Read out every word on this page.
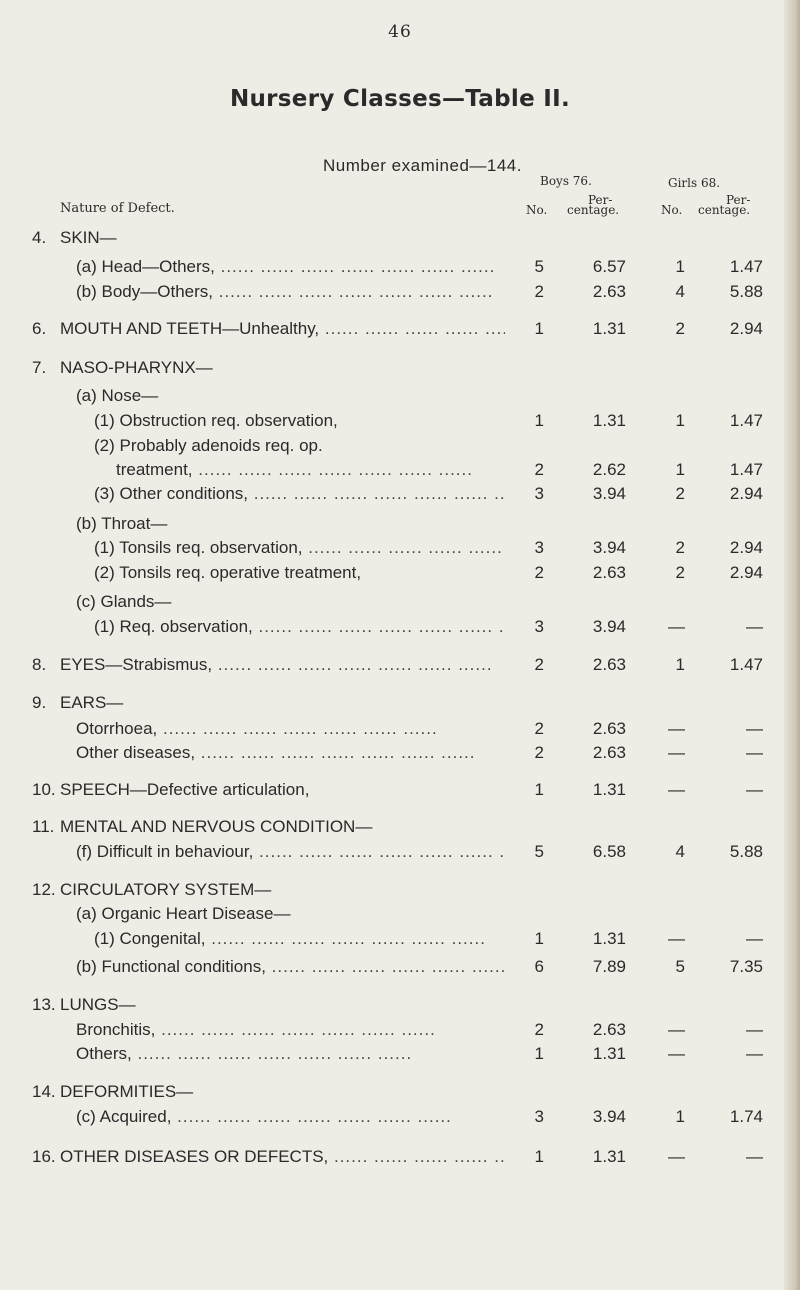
46
Nursery Classes—Table II.
Number examined—144.
Nature of Defect.
Boys 76.
Per-
No. centage.
Girls 68.
Per-
No. centage.
4. SKIN—
(a) Head—Others, .....	5	6.57	1	1.47
(b) Body—Others, .....	2	2.63	4	5.88
6. MOUTH AND TEETH—Unhealthy, .....	1	1.31	2	2.94
7. NASO-PHARYNX—
(a) Nose—
(1) Obstruction req. observation,	1	1.31	1	1.47
(2) Probably adenoids req. op.
treatment, .....	2	2.62	1	1.47
(3) Other conditions, .....	3	3.94	2	2.94
(b) Throat—
(1) Tonsils req. observation, .....	3	3.94	2	2.94
(2) Tonsils req. operative treatment,	2	2.63	2	2.94
(c) Glands—
(1) Req. observation, .....	3	3.94	—	—
8. EYES—Strabismus, .....	2	2.63	1	1.47
9. EARS—
Otorrhoea, .....	2	2.63	—	—
Other diseases, .....	2	2.63	—	—
10. SPEECH—Defective articulation,	1	1.31	—	—
11. MENTAL AND NERVOUS CONDITION—
(f) Difficult in behaviour, .....	5	6.58	4	5.88
12. CIRCULATORY SYSTEM—
(a) Organic Heart Disease—
(1) Congenital, .....	1	1.31	—	—
(b) Functional conditions, .....	6	7.89	5	7.35
13. LUNGS—
Bronchitis, .....	2	2.63	—	—
Others, .....	1	1.31	—	—
14. DEFORMITIES—
(c) Acquired, .....	3	3.94	1	1.74
16. OTHER DISEASES OR DEFECTS, .....	1	1.31	—	—
